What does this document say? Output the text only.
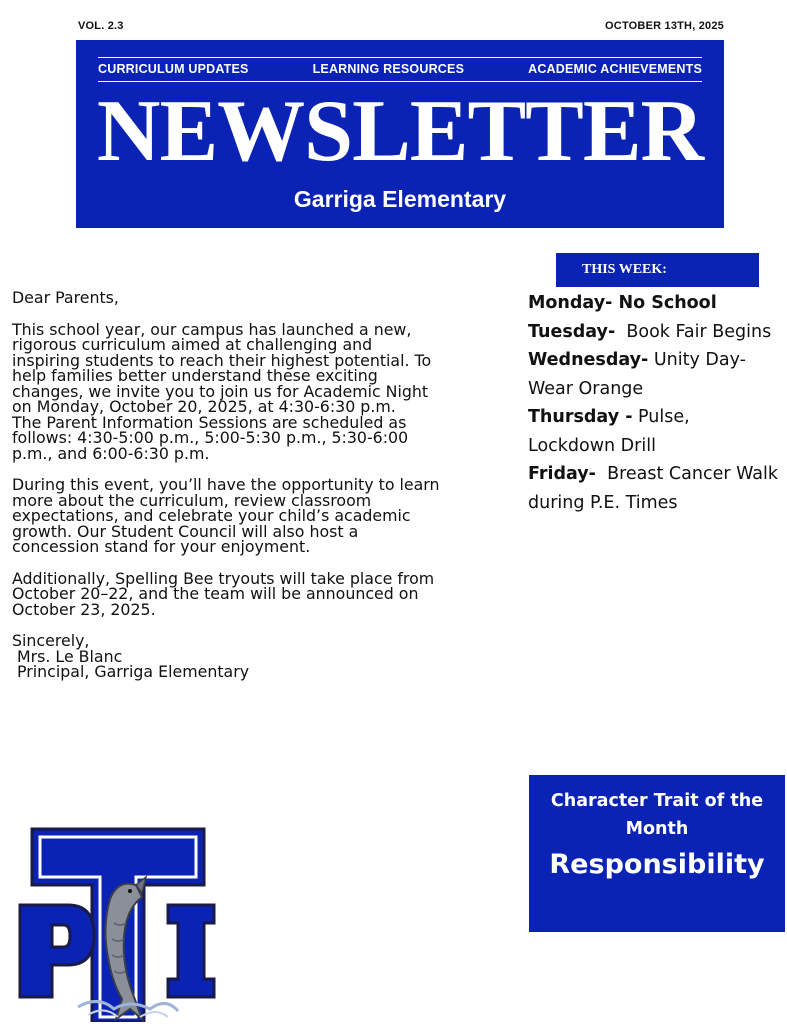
VOL. 2.3	OCTOBER 13TH, 2025
CURRICULUM UPDATES	LEARNING RESOURCES	ACADEMIC ACHIEVEMENTS
NEWSLETTER
Garriga Elementary

Dear Parents,

This school year, our campus has launched a new,
rigorous curriculum aimed at challenging and
inspiring students to reach their highest potential. To
help families better understand these exciting
changes, we invite you to join us for Academic Night
on Monday, October 20, 2025, at 4:30-6:30 p.m.
The Parent Information Sessions are scheduled as
follows: 4:30-5:00 p.m., 5:00-5:30 p.m., 5:30-6:00
p.m., and 6:00-6:30 p.m.

During this event, you’ll have the opportunity to learn
more about the curriculum, review classroom
expectations, and celebrate your child’s academic
growth. Our Student Council will also host a
concession stand for your enjoyment.

Additionally, Spelling Bee tryouts will take place from
October 20–22, and the team will be announced on
October 23, 2025.

Sincerely,
Mrs. Le Blanc
Principal, Garriga Elementary
THIS WEEK:
Monday- No School
Tuesday-  Book Fair Begins
Wednesday- Unity Day- Wear Orange
Thursday - Pulse, Lockdown Drill
Friday-  Breast Cancer Walk during P.E. Times
Character Trait of the Month
Responsibility
